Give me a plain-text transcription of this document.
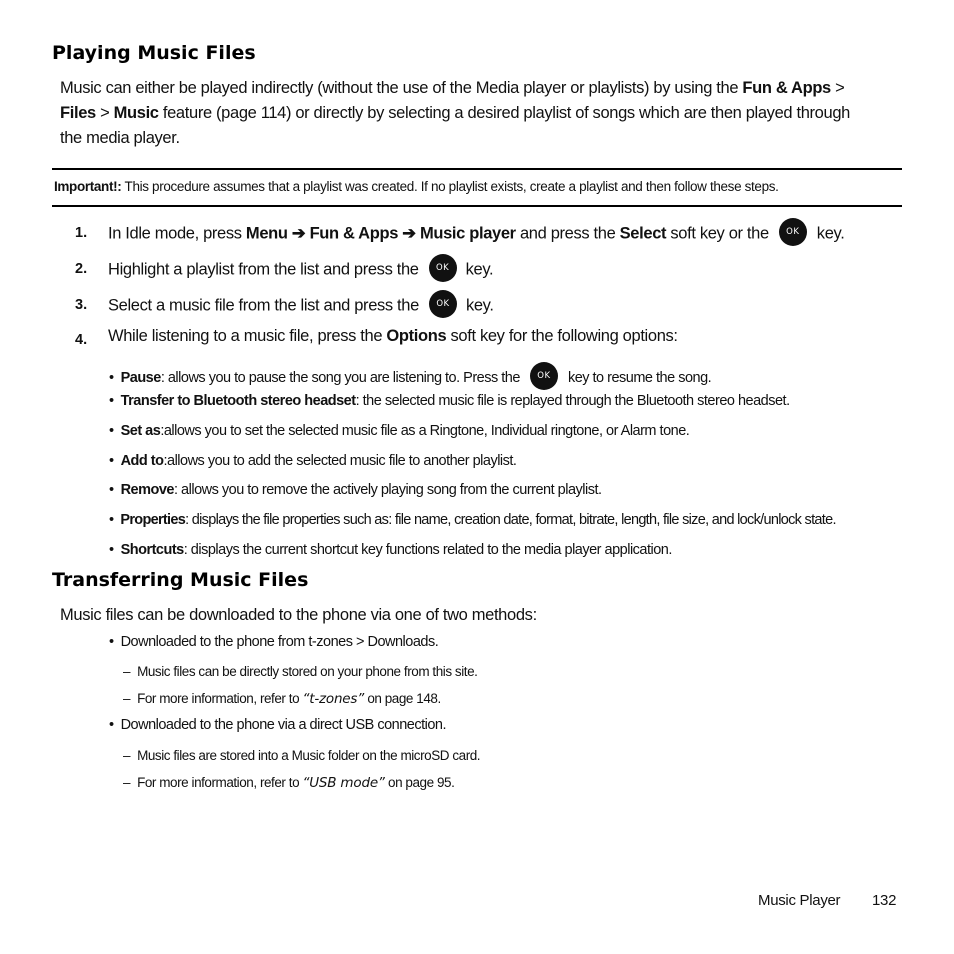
Playing Music Files
Music can either be played indirectly (without the use of the Media player or playlists) by using the Fun & Apps >
Files > Music feature (page 114) or directly by selecting a desired playlist of songs which are then played through
the media player.
Important!: This procedure assumes that a playlist was created. If no playlist exists, create a playlist and then follow these steps.
1. In Idle mode, press Menu ➔ Fun & Apps ➔ Music player and press the Select soft key or the OK key.
2. Highlight a playlist from the list and press the OK key.
3. Select a music file from the list and press the OK key.
4. While listening to a music file, press the Options soft key for the following options:
• Pause: allows you to pause the song you are listening to. Press the OK key to resume the song.
• Transfer to Bluetooth stereo headset: the selected music file is replayed through the Bluetooth stereo headset.
• Set as:allows you to set the selected music file as a Ringtone, Individual ringtone, or Alarm tone.
• Add to:allows you to add the selected music file to another playlist.
• Remove: allows you to remove the actively playing song from the current playlist.
• Properties: displays the file properties such as: file name, creation date, format, bitrate, length, file size, and lock/unlock state.
• Shortcuts: displays the current shortcut key functions related to the media player application.
Transferring Music Files
Music files can be downloaded to the phone via one of two methods:
• Downloaded to the phone from t-zones > Downloads.
– Music files can be directly stored on your phone from this site.
– For more information, refer to “t-zones” on page 148.
• Downloaded to the phone via a direct USB connection.
– Music files are stored into a Music folder on the microSD card.
– For more information, refer to “USB mode” on page 95.
Music Player 132
